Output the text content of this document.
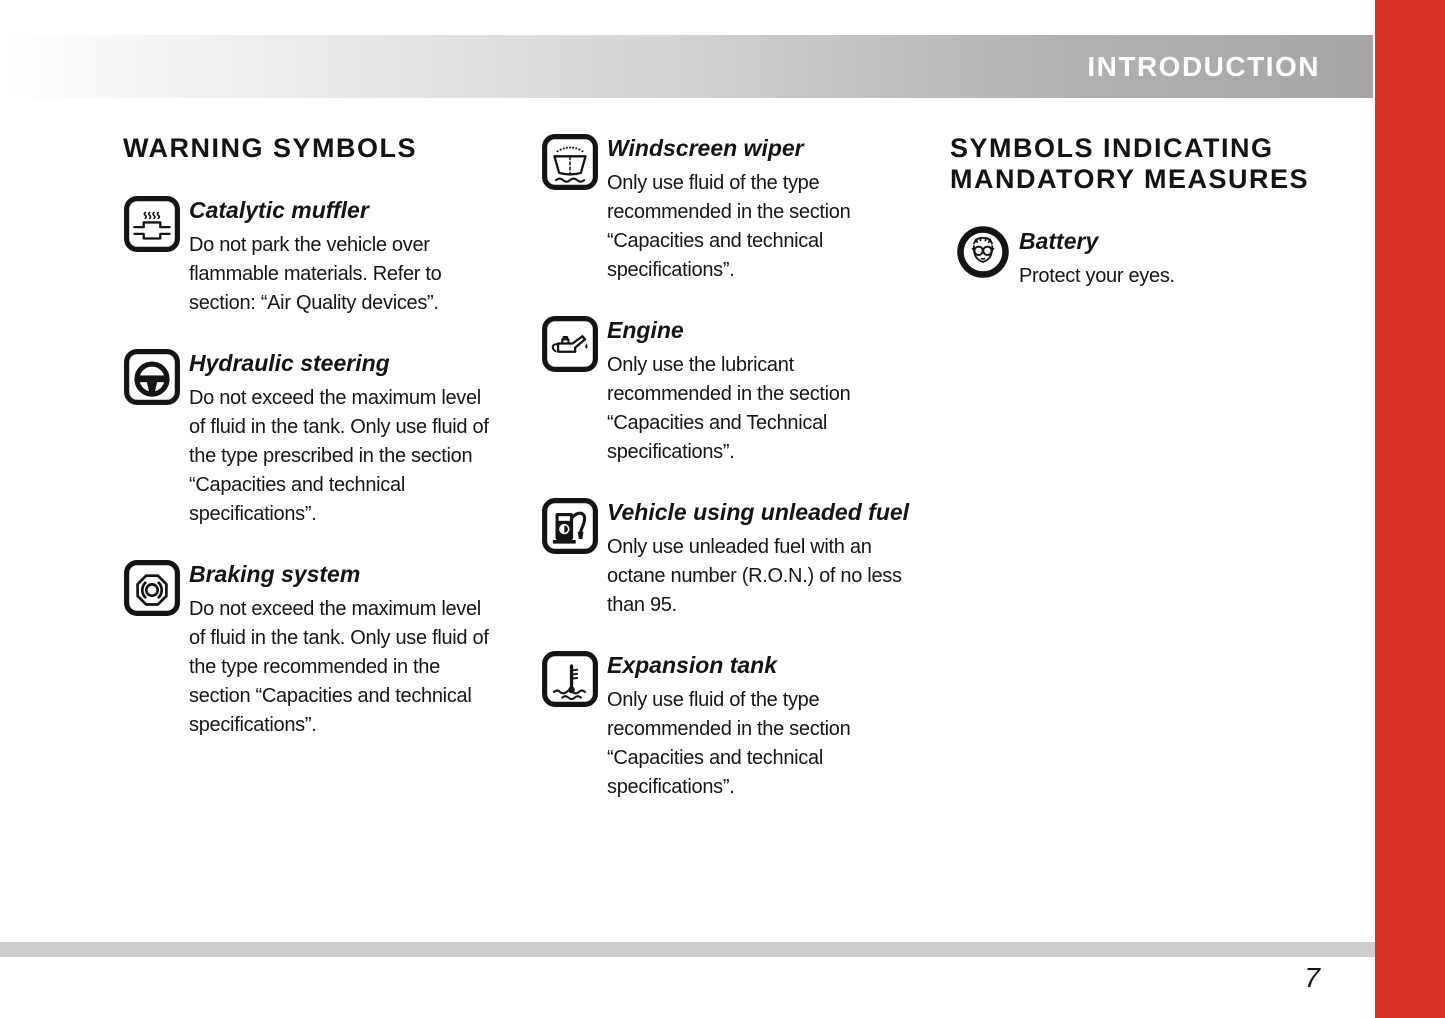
INTRODUCTION
WARNING SYMBOLS
Catalytic muffler
Do not park the vehicle over flammable materials. Refer to section: “Air Quality devices”.
Hydraulic steering
Do not exceed the maximum level of fluid in the tank. Only use fluid of the type prescribed in the section “Capacities and technical specifications”.
Braking system
Do not exceed the maximum level of fluid in the tank. Only use fluid of the type recommended in the section “Capacities and technical specifications”.
Windscreen wiper
Only use fluid of the type recommended in the section “Capacities and technical specifications”.
Engine
Only use the lubricant recommended in the section “Capacities and Technical specifications”.
Vehicle using unleaded fuel
Only use unleaded fuel with an octane number (R.O.N.) of no less than 95.
Expansion tank
Only use fluid of the type recommended in the section “Capacities and technical specifications”.
SYMBOLS INDICATING MANDATORY MEASURES
Battery
Protect your eyes.
7
